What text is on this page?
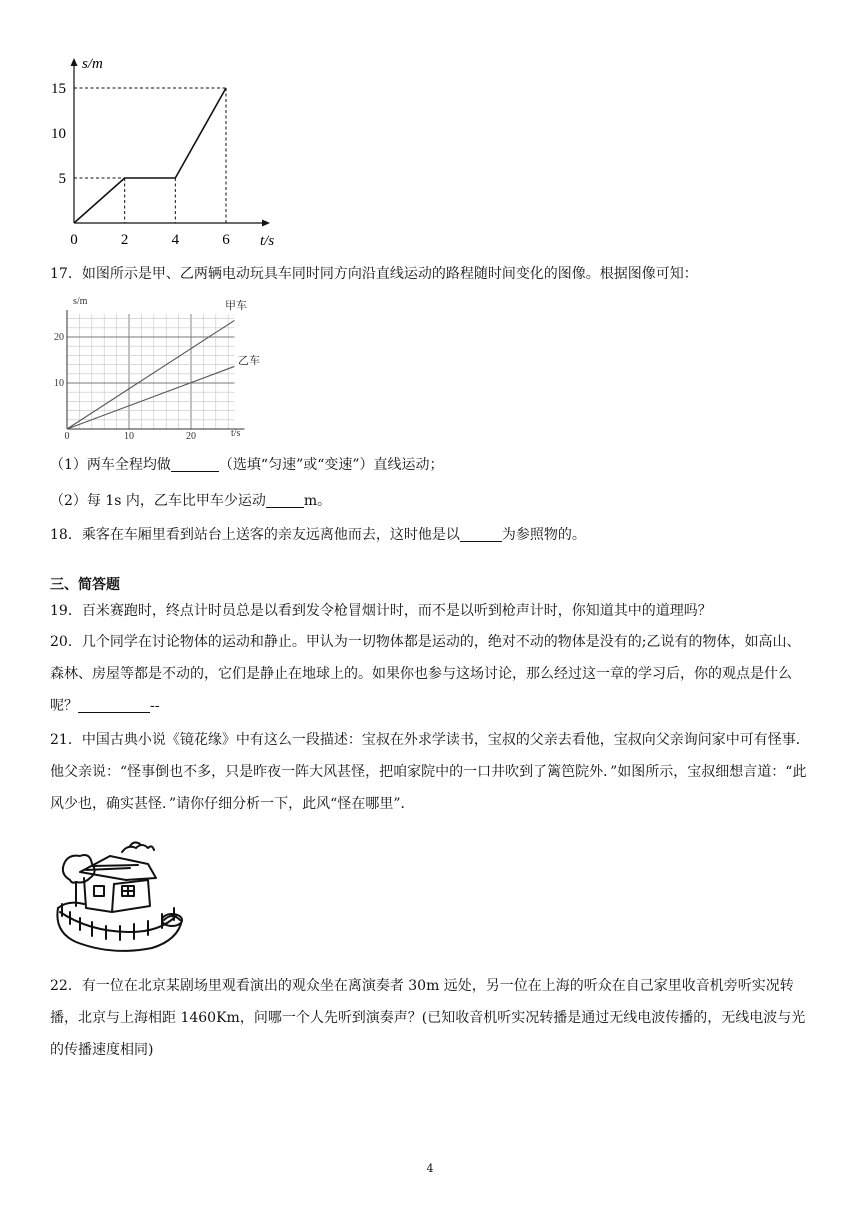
0	2	4	6
5
10
15
s/m
t/s
17．如图所示是甲、乙两辆电动玩具车同时同方向沿直线运动的路程随时间变化的图像。根据图像可知：
0	10	20
10
20
s/m
t/s
甲车
乙车
（1）两车全程均做	（选填“匀速”或“变速”）直线运动；
（2）每 1s 内，乙车比甲车少运动	m。
18．乘客在车厢里看到站台上送客的亲友远离他而去，这时他是以	为参照物的。
三、简答题
19．百米赛跑时，终点计时员总是以看到发令枪冒烟计时，而不是以听到枪声计时，你知道其中的道理吗？
20．几个同学在讨论物体的运动和静止。甲认为一切物体都是运动的，绝对不动的物体是没有的;乙说有的物体，如高山、森林、房屋等都是不动的，它们是静止在地球上的。如果你也参与这场讨论，那么经过这一章的学习后，你的观点是什么呢？	--
21．中国古典小说《镜花缘》中有这么一段描述：宝叔在外求学读书，宝叔的父亲去看他，宝叔向父亲询问家中可有怪事．他父亲说：“怪事倒也不多，只是昨夜一阵大风甚怪，把咱家院中的一口井吹到了篱笆院外．”如图所示，宝叔细想言道：“此风少也，确实甚怪．”请你仔细分析一下，此风“怪在哪里”．
22．有一位在北京某剧场里观看演出的观众坐在离演奏者 30m 远处，另一位在上海的听众在自己家里收音机旁听实况转播，北京与上海相距 1460Km，问哪一个人先听到演奏声？(已知收音机听实况转播是通过无线电波传播的，无线电波与光的传播速度相同)
4
